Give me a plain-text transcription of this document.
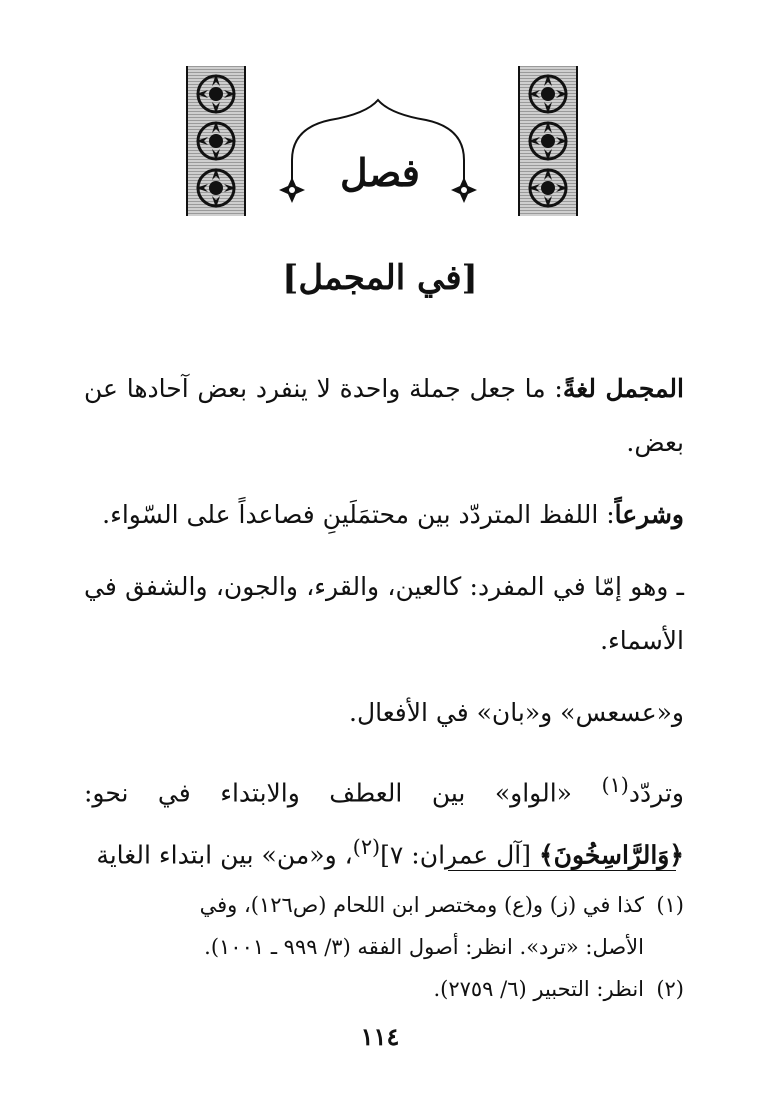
فصل
[في المجمل]

المجمل لغةً: ما جعل جملة واحدة لا ينفرد بعض آحادها عن بعض.

وشرعاً: اللفظ المتردّد بين محتمَلَينِ فصاعداً على السّواء.

ـ وهو إمّا في المفرد: كالعين، والقرء، والجون، والشفق في الأسماء.

و«عسعس» و«بان» في الأفعال.

وتردّد$^{(١)}$ «الواو» بين العطف والابتداء في نحو: ﴿وَالرَّاسِخُونَ﴾ [آل عمران: ٧]$^{(٢)}$، و«من» بين ابتداء الغاية

(١)كذا في (ز) و(ع) ومختصر ابن اللحام (ص١٢٦)، وفي

الأصل: «ترد». انظر: أصول الفقه (٣/ ٩٩٩ ـ ١٠٠١).

(٢)انظر: التحبير (٦/ ٢٧٥٩).

١١٤
